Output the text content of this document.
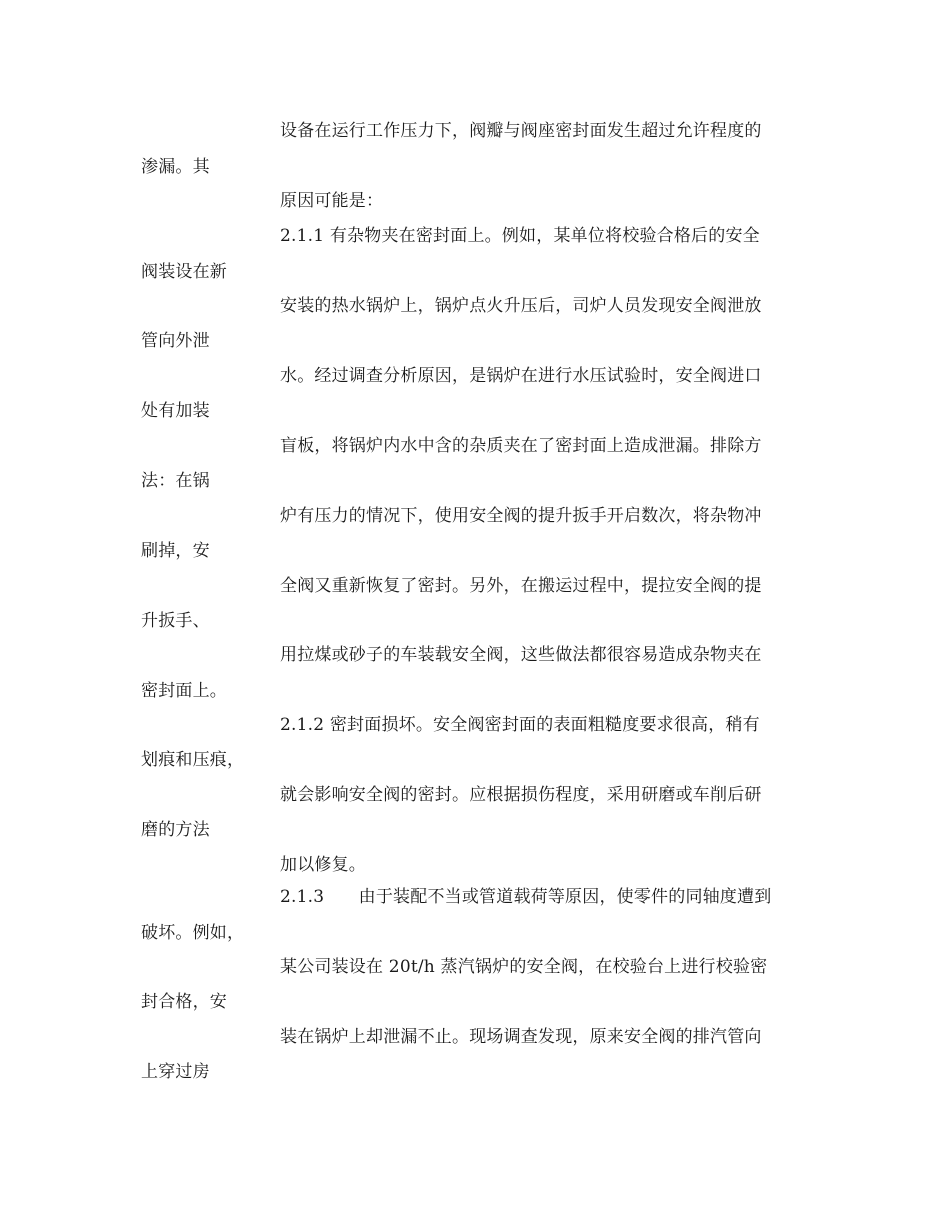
设备在运行工作压力下，阀瓣与阀座密封面发生超过允许程度的
渗漏。其
原因可能是：
2.1.1 有杂物夹在密封面上。例如，某单位将校验合格后的安全
阀装设在新
安装的热水锅炉上，锅炉点火升压后，司炉人员发现安全阀泄放
管向外泄
水。经过调查分析原因，是锅炉在进行水压试验时，安全阀进口
处有加装
盲板，将锅炉内水中含的杂质夹在了密封面上造成泄漏。排除方
法：在锅
炉有压力的情况下，使用安全阀的提升扳手开启数次，将杂物冲
刷掉，安
全阀又重新恢复了密封。另外，在搬运过程中，提拉安全阀的提
升扳手、
用拉煤或砂子的车装载安全阀，这些做法都很容易造成杂物夹在
密封面上。
2.1.2 密封面损坏。安全阀密封面的表面粗糙度要求很高，稍有
划痕和压痕，
就会影响安全阀的密封。应根据损伤程度，采用研磨或车削后研
磨的方法
加以修复。
2.1.3　　由于装配不当或管道载荷等原因，使零件的同轴度遭到
破坏。例如，
某公司装设在 20t/h 蒸汽锅炉的安全阀，在校验台上进行校验密
封合格，安
装在锅炉上却泄漏不止。现场调查发现，原来安全阀的排汽管向
上穿过房
